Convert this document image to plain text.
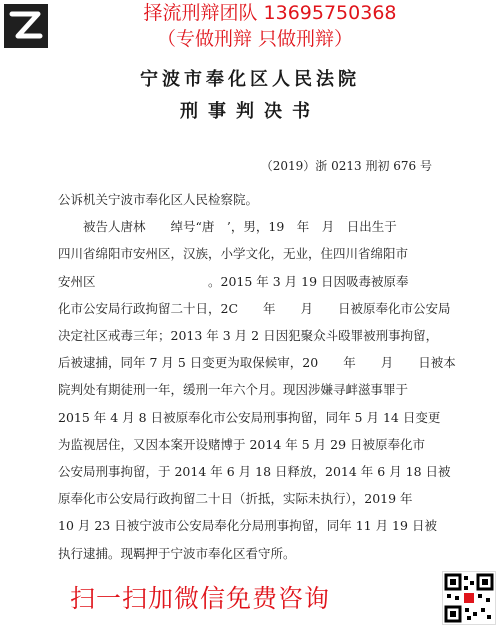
择流刑辩团队 13695750368
（专做刑辩 只做刑辩）
宁波市奉化区人民法院
刑事判决书
（2019）浙 0213 刑初 676 号

公诉机关宁波市奉化区人民检察院。

被告人唐林　　绰号“唐　’，男，19　年　月　日出生于
四川省绵阳市安州区，汉族，小学文化，无业，住四川省绵阳市
安州区　　　　　　　　　。2015 年 3 月 19 日因吸毒被原奉
化市公安局行政拘留二十日，2C　　年　　月　　日被原奉化市公安局
决定社区戒毒三年；2013 年 3 月 2 日因犯聚众斗殴罪被刑事拘留，
后被逮捕，同年 7 月 5 日变更为取保候审，20　　年　　月　　日被本
院判处有期徒刑一年，缓刑一年六个月。现因涉嫌寻衅滋事罪于
2015 年 4 月 8 日被原奉化市公安局刑事拘留，同年 5 月 14 日变更
为监视居住，又因本案开设赌博于 2014 年 5 月 29 日被原奉化市
公安局刑事拘留，于 2014 年 6 月 18 日释放，2014 年 6 月 18 日被
原奉化市公安局行政拘留二十日（折抵，实际未执行），2019 年
10 月 23 日被宁波市公安局奉化分局刑事拘留，同年 11 月 19 日被
执行逮捕。现羁押于宁波市奉化区看守所。
扫一扫加微信免费咨询
